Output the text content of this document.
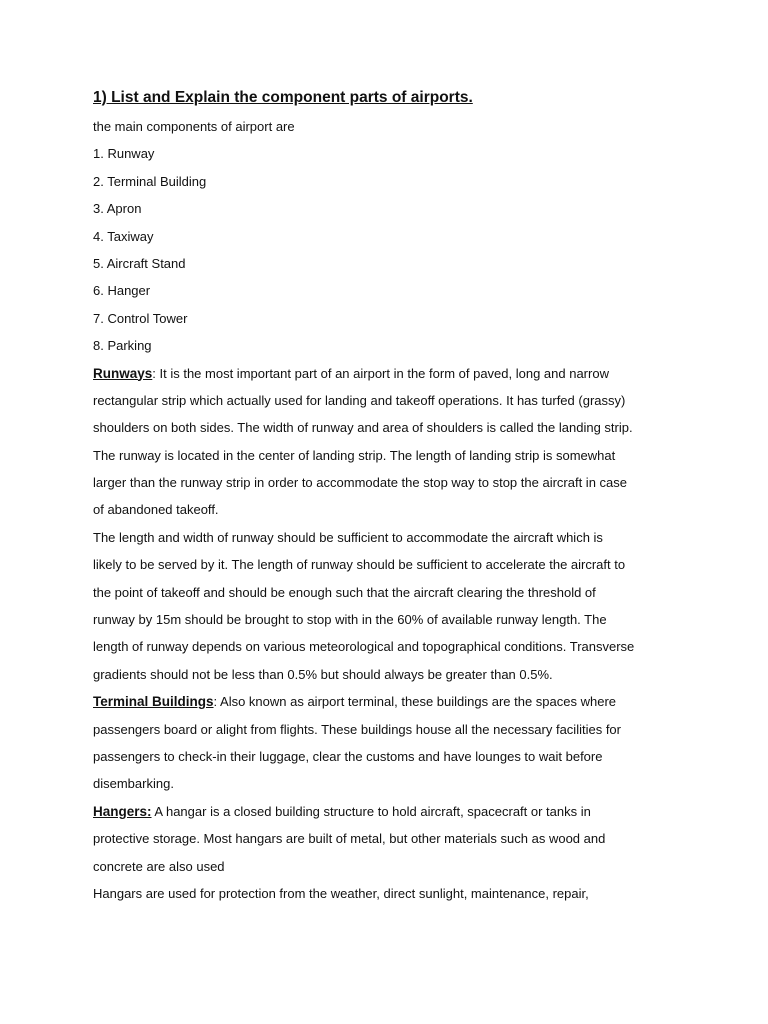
1) List and Explain the component parts of airports.

the main components of airport are

1. Runway

2. Terminal Building

3. Apron

4. Taxiway

5. Aircraft Stand

6. Hanger

7. Control Tower

8. Parking

Runways: It is the most important part of an airport in the form of paved, long and narrow

rectangular strip which actually used for landing and takeoff operations. It has turfed (grassy)

shoulders on both sides. The width of runway and area of shoulders is called the landing strip.

The runway is located in the center of landing strip. The length of landing strip is somewhat

larger than the runway strip in order to accommodate the stop way to stop the aircraft in case

of abandoned takeoff.

The length and width of runway should be sufficient to accommodate the aircraft which is

likely to be served by it. The length of runway should be sufficient to accelerate the aircraft to

the point of takeoff and should be enough such that the aircraft clearing the threshold of

runway by 15m should be brought to stop with in the 60% of available runway length. The

length of runway depends on various meteorological and topographical conditions. Transverse

gradients should not be less than 0.5% but should always be greater than 0.5%.

Terminal Buildings: Also known as airport terminal, these buildings are the spaces where

passengers board or alight from flights. These buildings house all the necessary facilities for

passengers to check-in their luggage, clear the customs and have lounges to wait before

disembarking.

Hangers: A hangar is a closed building structure to hold aircraft, spacecraft or tanks in

protective storage. Most hangars are built of metal, but other materials such as wood and

concrete are also used

Hangars are used for protection from the weather, direct sunlight, maintenance, repair,
